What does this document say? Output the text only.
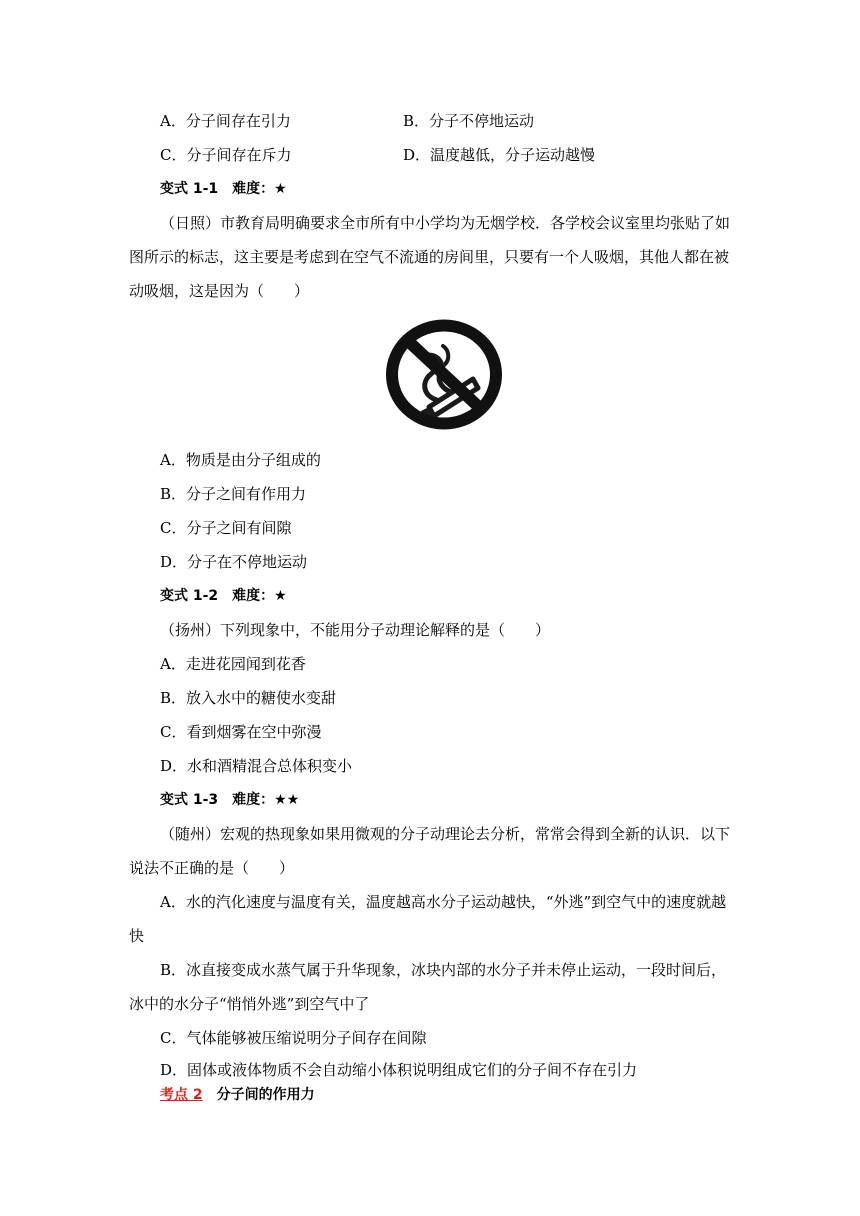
A．分子间存在引力	B．分子不停地运动
C．分子间存在斥力	D．温度越低，分子运动越慢
变式 1-1　难度：★
（日照）市教育局明确要求全市所有中小学均为无烟学校．各学校会议室里均张贴了如
图所示的标志，这主要是考虑到在空气不流通的房间里，只要有一个人吸烟，其他人都在被
动吸烟，这是因为（　　）
A．物质是由分子组成的
B．分子之间有作用力
C．分子之间有间隙
D．分子在不停地运动
变式 1-2　难度：★
（扬州）下列现象中，不能用分子动理论解释的是（　　）
A．走进花园闻到花香
B．放入水中的糖使水变甜
C．看到烟雾在空中弥漫
D．水和酒精混合总体积变小
变式 1-3　难度：★★
（随州）宏观的热现象如果用微观的分子动理论去分析，常常会得到全新的认识．以下
说法不正确的是（　　）
A．水的汽化速度与温度有关，温度越高水分子运动越快，“外逃”到空气中的速度就越
快
B．冰直接变成水蒸气属于升华现象，冰块内部的水分子并未停止运动，一段时间后，
冰中的水分子“悄悄外逃”到空气中了
C．气体能够被压缩说明分子间存在间隙
D．固体或液体物质不会自动缩小体积说明组成它们的分子间不存在引力
考点 2　 分子间的作用力
